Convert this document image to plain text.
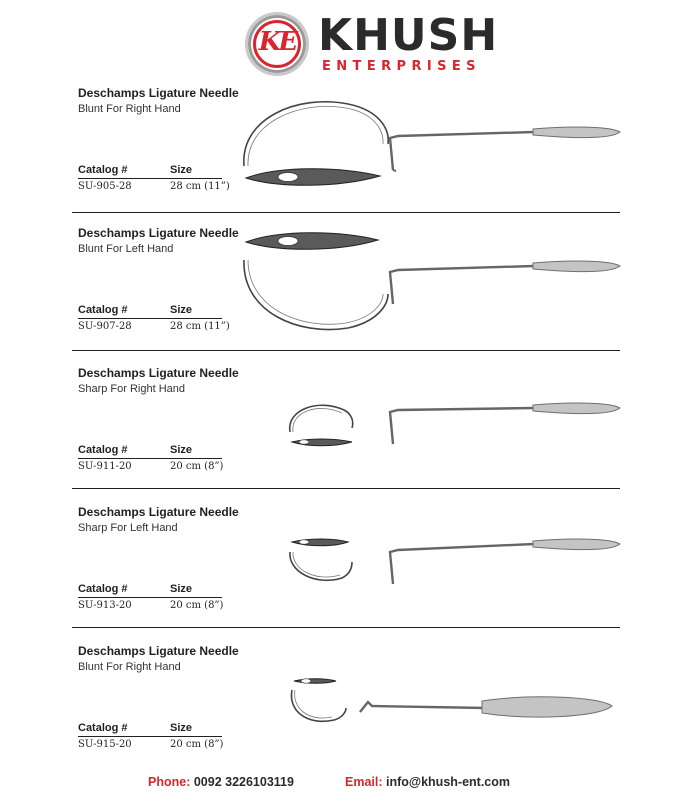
KE KHUSH
ENTERPRISES
Deschamps Ligature Needle
Blunt For Right Hand
Catalog #	Size
SU-905-28	28 cm (11”)
Deschamps Ligature Needle
Blunt For Left Hand
Catalog #	Size
SU-907-28	28 cm (11”)
Deschamps Ligature Needle
Sharp For Right Hand
Catalog #	Size
SU-911-20	20 cm (8”)
Deschamps Ligature Needle
Sharp For Left Hand
Catalog #	Size
SU-913-20	20 cm (8”)
Deschamps Ligature Needle
Blunt For Right Hand
Catalog #	Size
SU-915-20	20 cm (8”)
Phone: 0092 3226103119	Email: info@khush-ent.com
